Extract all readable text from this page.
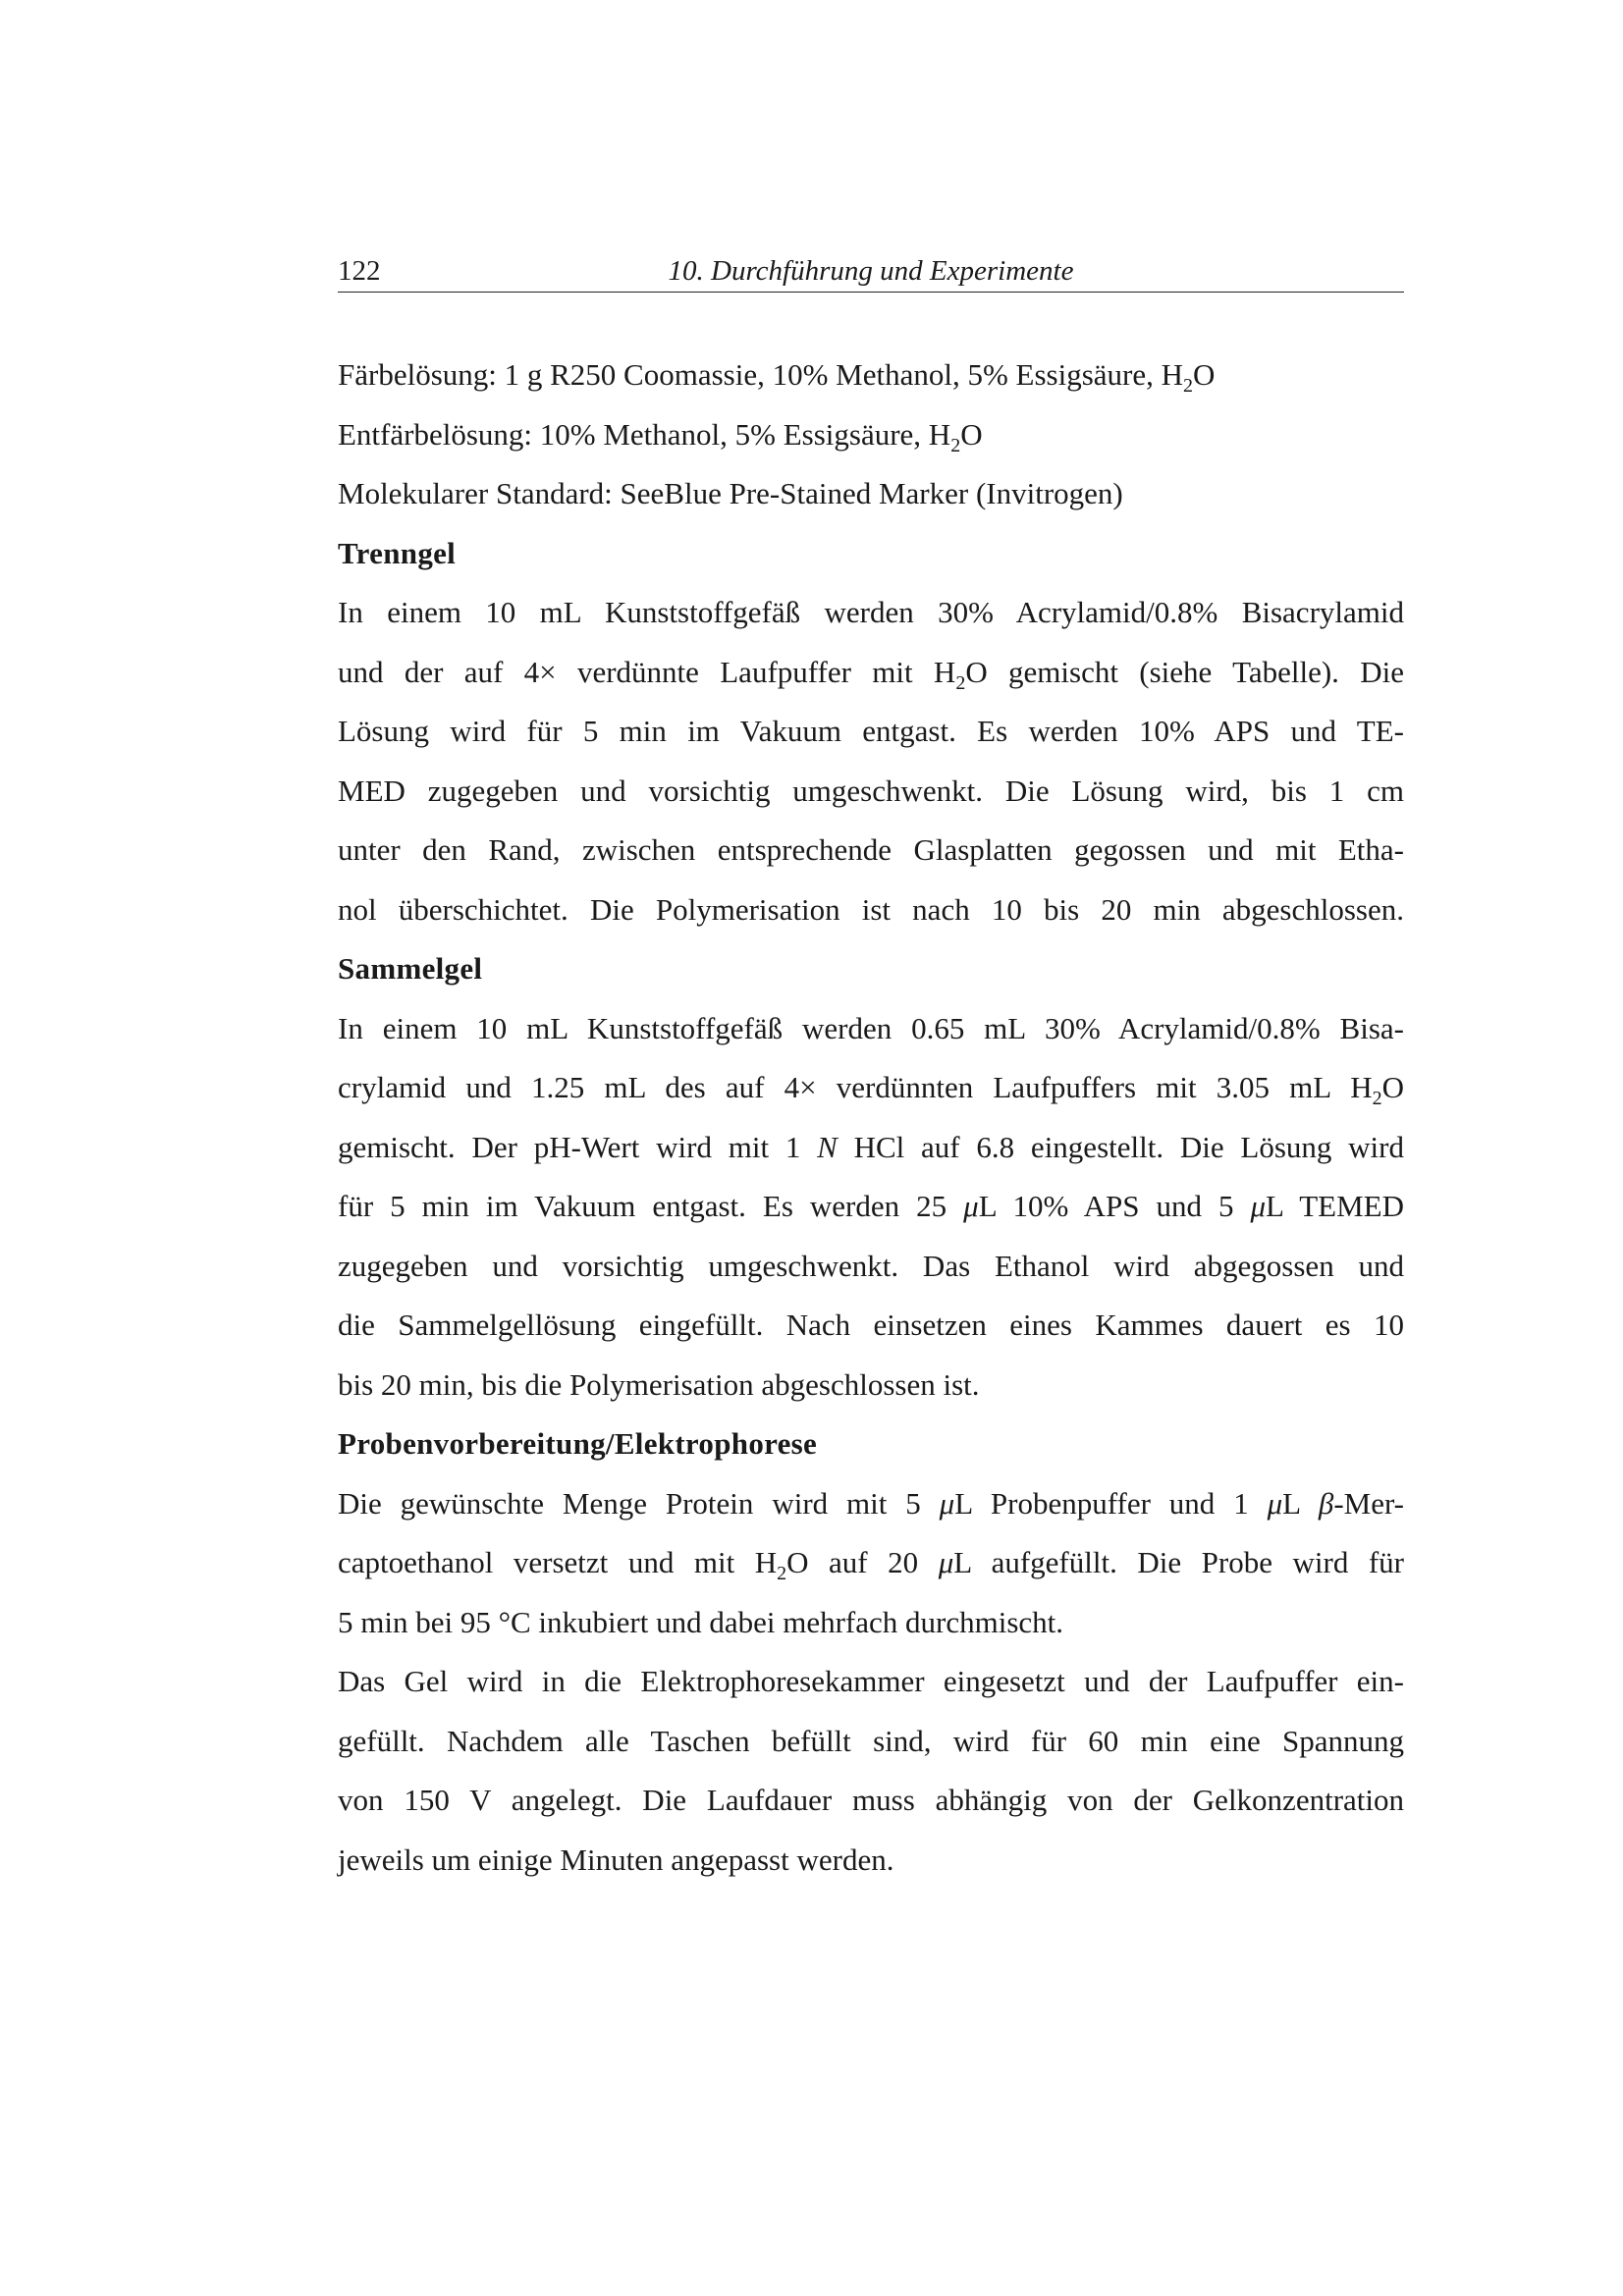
122	10. Durchführung und Experimente
Färbelösung: 1 g R250 Coomassie, 10% Methanol, 5% Essigsäure, $H_2O$
Entfärbelösung: 10% Methanol, 5% Essigsäure, $H_2O$
Molekularer Standard: SeeBlue Pre-Stained Marker (Invitrogen)
Trenngel
In einem 10 mL Kunststoffgefäß werden 30% Acrylamid/0.8% Bisacrylamid
und der auf 4× verdünnte Laufpuffer mit $H_2O$ gemischt (siehe Tabelle). Die
Lösung wird für 5 min im Vakuum entgast. Es werden 10% APS und TE-
MED zugegeben und vorsichtig umgeschwenkt. Die Lösung wird, bis 1 cm
unter den Rand, zwischen entsprechende Glasplatten gegossen und mit Etha-
nol überschichtet. Die Polymerisation ist nach 10 bis 20 min abgeschlossen.
Sammelgel
In einem 10 mL Kunststoffgefäß werden 0.65 mL 30% Acrylamid/0.8% Bisa-
crylamid und 1.25 mL des auf 4× verdünnten Laufpuffers mit 3.05 mL $H_2O$
gemischt. Der pH-Wert wird mit 1 N HCl auf 6.8 eingestellt. Die Lösung wird
für 5 min im Vakuum entgast. Es werden 25 μL 10% APS und 5 μL TEMED
zugegeben und vorsichtig umgeschwenkt. Das Ethanol wird abgegossen und
die Sammelgellösung eingefüllt. Nach einsetzen eines Kammes dauert es 10
bis 20 min, bis die Polymerisation abgeschlossen ist.
Probenvorbereitung/Elektrophorese
Die gewünschte Menge Protein wird mit 5 μL Probenpuffer und 1 μL β-Mer-
captoethanol versetzt und mit $H_2O$ auf 20 μL aufgefüllt. Die Probe wird für
5 min bei 95 °C inkubiert und dabei mehrfach durchmischt.
Das Gel wird in die Elektrophoresekammer eingesetzt und der Laufpuffer ein-
gefüllt. Nachdem alle Taschen befüllt sind, wird für 60 min eine Spannung
von 150 V angelegt. Die Laufdauer muss abhängig von der Gelkonzentration
jeweils um einige Minuten angepasst werden.
